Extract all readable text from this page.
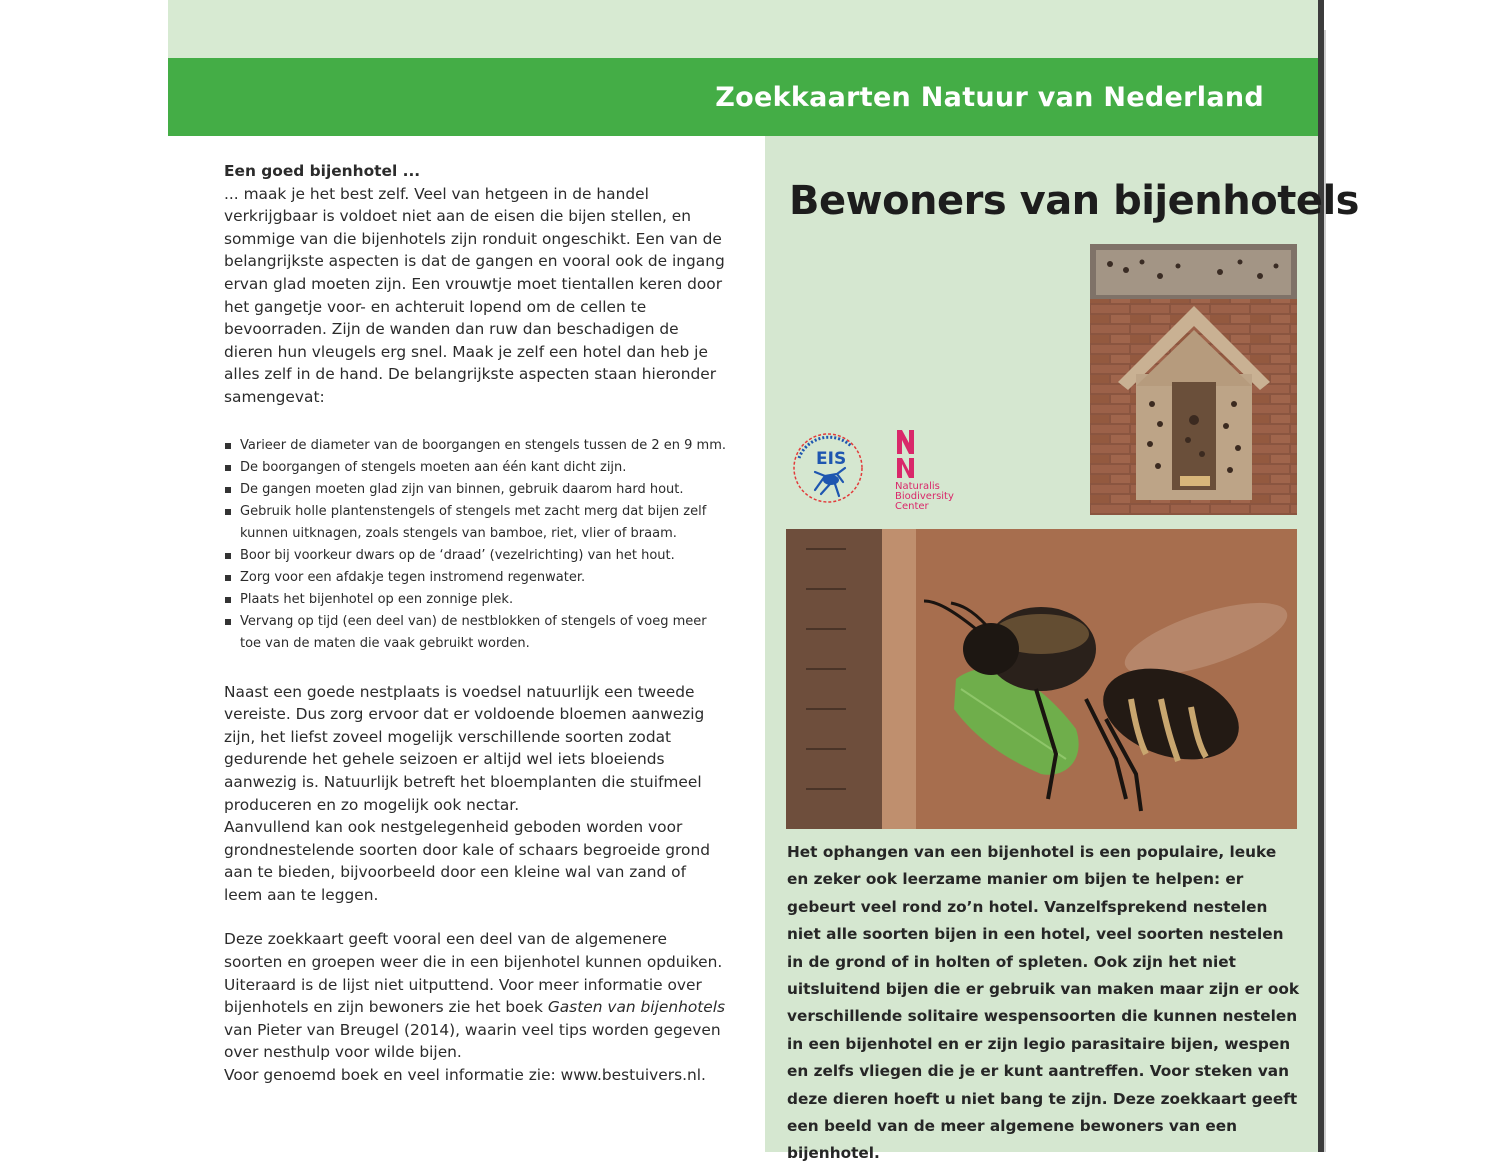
Zoekkaarten Natuur van Nederland

Een goed bijenhotel ...

... maak je het best zelf. Veel van hetgeen in de handel verkrijgbaar is voldoet niet aan de eisen die bijen stellen, en sommige van die bijenhotels zijn ronduit ongeschikt. Een van de belangrijkste aspecten is dat de gangen en vooral ook de ingang ervan glad moeten zijn. Een vrouwtje moet tientallen keren door het gangetje voor- en achteruit lopend om de cellen te bevoorraden. Zijn de wanden dan ruw dan beschadigen de dieren hun vleugels erg snel. Maak je zelf een hotel dan heb je alles zelf in de hand. De belangrijkste aspecten staan hieronder samengevat:

Varieer de diameter van de boorgangen en stengels tussen de 2 en 9 mm.
De boorgangen of stengels moeten aan één kant dicht zijn.
De gangen moeten glad zijn van binnen, gebruik daarom hard hout.
Gebruik holle plantenstengels of stengels met zacht merg dat bijen zelf kunnen uitknagen, zoals stengels van bamboe, riet, vlier of braam.
Boor bij voorkeur dwars op de ‘draad’ (vezelrichting) van het hout.
Zorg voor een afdakje tegen instromend regenwater.
Plaats het bijenhotel op een zonnige plek.
Vervang op tijd (een deel van) de nestblokken of stengels of voeg meer toe van de maten die vaak gebruikt worden.

Naast een goede nestplaats is voedsel natuurlijk een tweede vereiste. Dus zorg ervoor dat er voldoende bloemen aanwezig zijn, het liefst zoveel mogelijk verschillende soorten zodat gedurende het gehele seizoen er altijd wel iets bloeiends aanwezig is. Natuurlijk betreft het bloemplanten die stuifmeel produceren en zo mogelijk ook nectar.

Aanvullend kan ook nestgelegenheid geboden worden voor grondnestelende soorten door kale of schaars begroeide grond aan te bieden, bijvoorbeeld door een kleine wal van zand of leem aan te leggen.

Deze zoekkaart geeft vooral een deel van de algemenere soorten en groepen weer die in een bijenhotel kunnen opduiken. Uiteraard is de lijst niet uitputtend. Voor meer informatie over bijenhotels en zijn bewoners zie het boek Gasten van bijenhotels van Pieter van Breugel (2014), waarin veel tips worden gegeven over nesthulp voor wilde bijen.

Voor genoemd boek en veel informatie zie: www.bestuivers.nl.

Bewoners van bijenhotels
EIS
Naturalis
Biodiversity
Center

Het ophangen van een bijenhotel is een populaire, leuke en zeker ook leerzame manier om bijen te helpen: er gebeurt veel rond zo’n hotel. Vanzelfsprekend nestelen niet alle soorten bijen in een hotel, veel soorten nestelen in de grond of in holten of spleten. Ook zijn het niet uitsluitend bijen die er gebruik van maken maar zijn er ook verschillende solitaire wespensoorten die kunnen nestelen in een bijenhotel en er zijn legio parasitaire bijen, wespen en zelfs vliegen die je er kunt aantreffen. Voor steken van deze dieren hoeft u niet bang te zijn. Deze zoekkaart geeft een beeld van de meer algemene bewoners van een bijenhotel.
